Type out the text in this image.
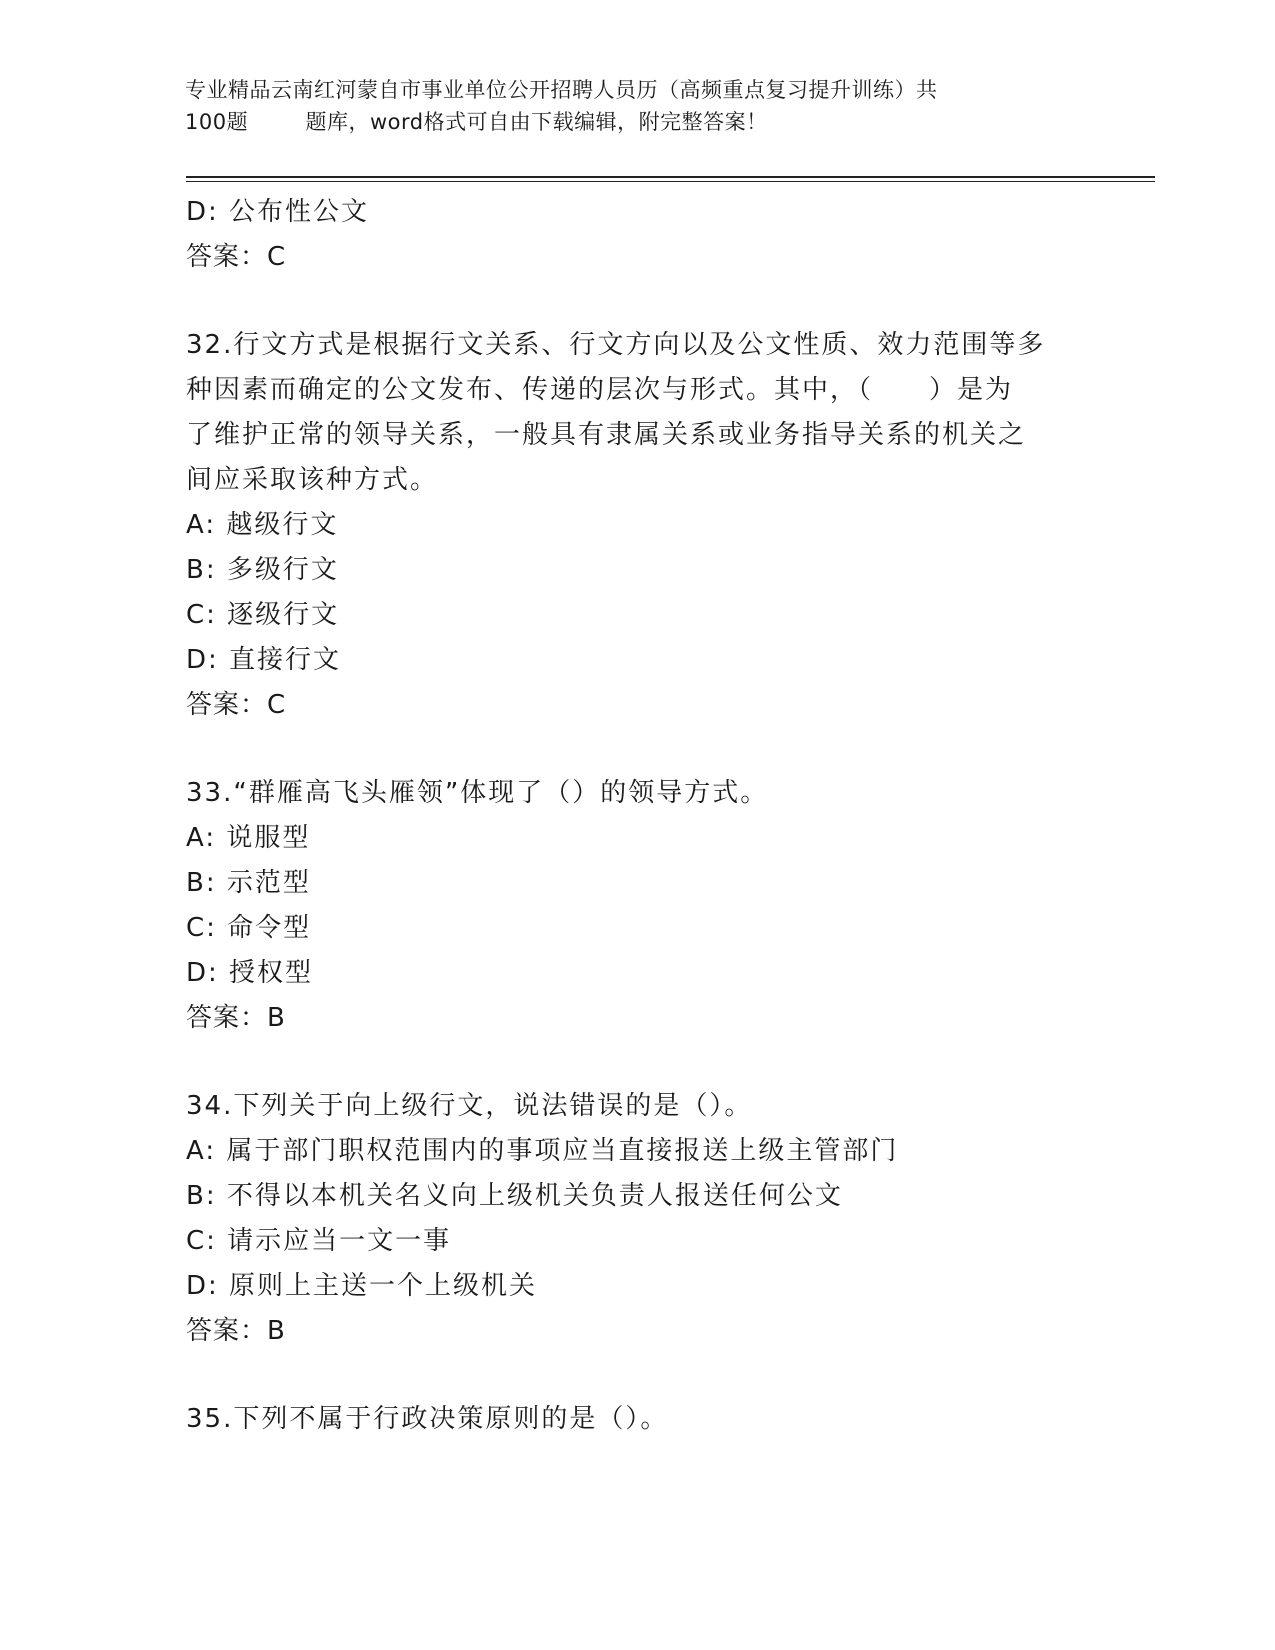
专业精品云南红河蒙自市事业单位公开招聘人员历（高频重点复习提升训练）共
100题        题库，word格式可自由下载编辑，附完整答案！
D: 公布性公文
答案：C
32.行文方式是根据行文关系、行文方向以及公文性质、效力范围等多
种因素而确定的公文发布、传递的层次与形式。其中，（　　）是为
了维护正常的领导关系，一般具有隶属关系或业务指导关系的机关之
间应采取该种方式。
A: 越级行文
B: 多级行文
C: 逐级行文
D: 直接行文
答案：C
33.“群雁高飞头雁领”体现了（）的领导方式。
A: 说服型
B: 示范型
C: 命令型
D: 授权型
答案：B
34.下列关于向上级行文，说法错误的是（）。
A: 属于部门职权范围内的事项应当直接报送上级主管部门
B: 不得以本机关名义向上级机关负责人报送任何公文
C: 请示应当一文一事
D: 原则上主送一个上级机关
答案：B
35.下列不属于行政决策原则的是（）。
